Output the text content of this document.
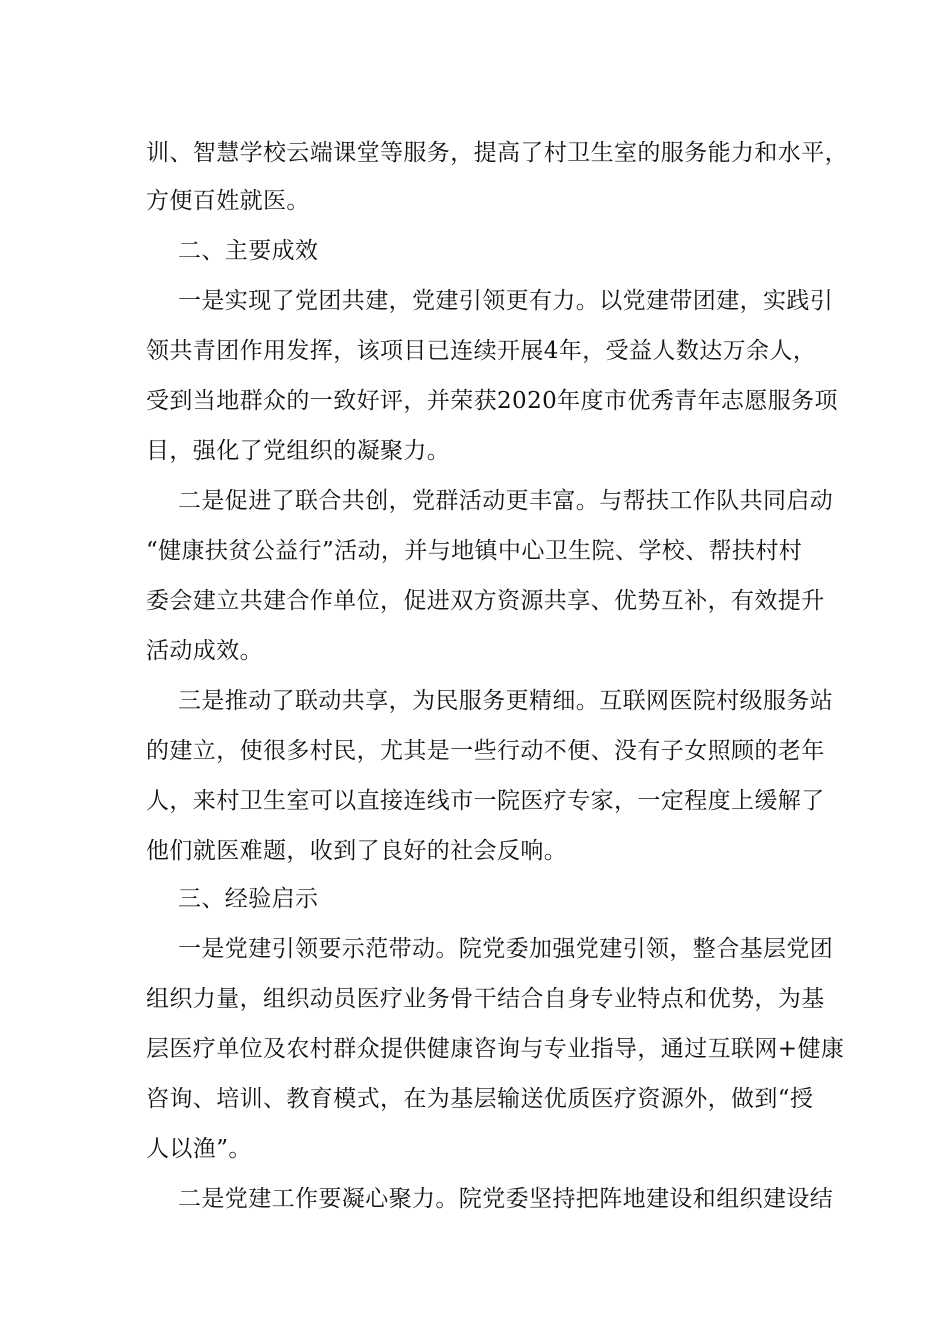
训、智慧学校云端课堂等服务，提高了村卫生室的服务能力和水平，
方便百姓就医。
二、主要成效
一是实现了党团共建，党建引领更有力。以党建带团建，实践引
领共青团作用发挥，该项目已连续开展4年，受益人数达万余人，
受到当地群众的一致好评，并荣获2020年度市优秀青年志愿服务项
目，强化了党组织的凝聚力。
二是促进了联合共创，党群活动更丰富。与帮扶工作队共同启动
“健康扶贫公益行”活动，并与地镇中心卫生院、学校、帮扶村村
委会建立共建合作单位，促进双方资源共享、优势互补，有效提升
活动成效。
三是推动了联动共享，为民服务更精细。互联网医院村级服务站
的建立，使很多村民，尤其是一些行动不便、没有子女照顾的老年
人，来村卫生室可以直接连线市一院医疗专家，一定程度上缓解了
他们就医难题，收到了良好的社会反响。
三、经验启示
一是党建引领要示范带动。院党委加强党建引领，整合基层党团
组织力量，组织动员医疗业务骨干结合自身专业特点和优势，为基
层医疗单位及农村群众提供健康咨询与专业指导，通过互联网+健康
咨询、培训、教育模式，在为基层输送优质医疗资源外，做到“授
人以渔”。
二是党建工作要凝心聚力。院党委坚持把阵地建设和组织建设结
